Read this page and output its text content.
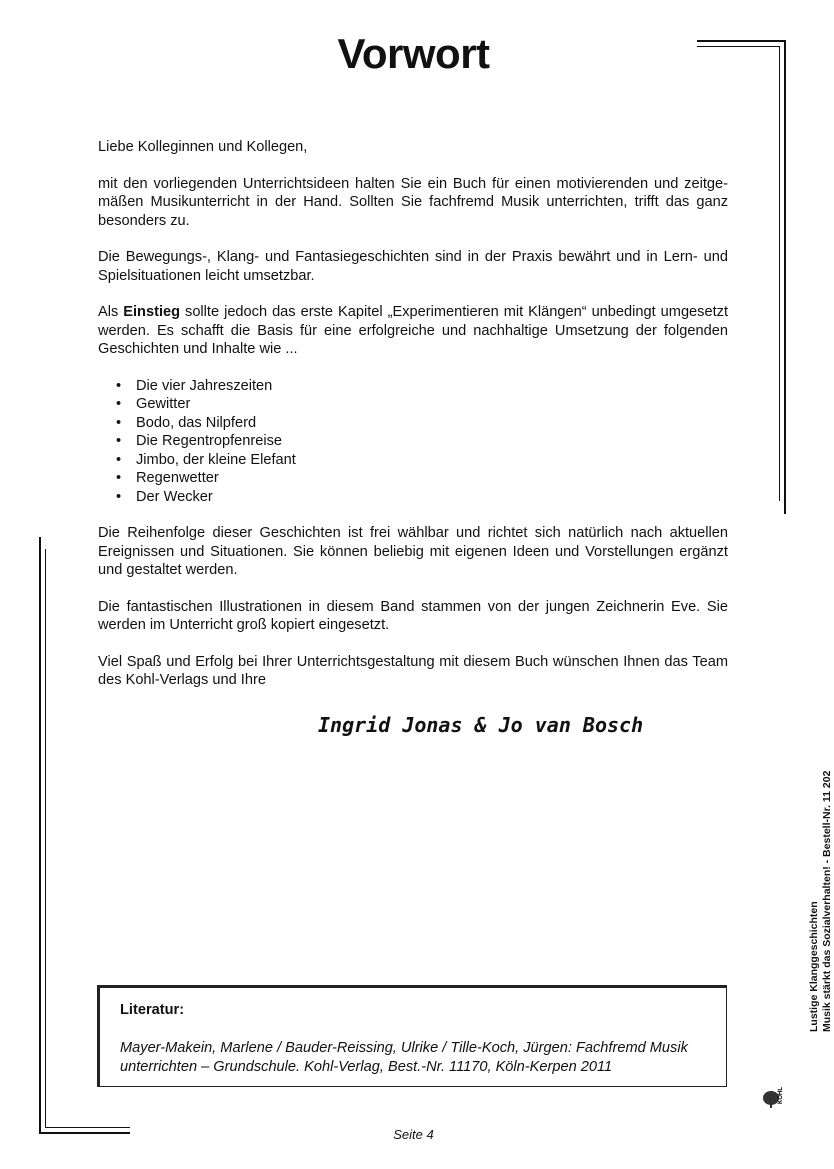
Vorwort

Liebe Kolleginnen und Kollegen,

mit den vorliegenden Unterrichtsideen halten Sie ein Buch für einen motivierenden und zeitgemäßen Musikunterricht in der Hand. Sollten Sie fachfremd Musik unterrichten, trifft das ganz besonders zu.

Die Bewegungs-, Klang- und Fantasiegeschichten sind in der Praxis bewährt und in Lern- und Spielsituationen leicht umsetzbar.

Als Einstieg sollte jedoch das erste Kapitel „Experimentieren mit Klängen“ unbedingt umgesetzt werden. Es schafft die Basis für eine erfolgreiche und nachhaltige Umsetzung der folgenden Geschichten und Inhalte wie ...

• Die vier Jahreszeiten
• Gewitter
• Bodo, das Nilpferd
• Die Regentropfenreise
• Jimbo, der kleine Elefant
• Regenwetter
• Der Wecker

Die Reihenfolge dieser Geschichten ist frei wählbar und richtet sich natürlich nach aktuellen Ereignissen und Situationen. Sie können beliebig mit eigenen Ideen und Vorstellungen ergänzt und gestaltet werden.

Die fantastischen Illustrationen in diesem Band stammen von der jungen Zeichnerin Eve. Sie werden im Unterricht groß kopiert eingesetzt.

Viel Spaß und Erfolg bei Ihrer Unterrichtsgestaltung mit diesem Buch wünschen Ihnen das Team des Kohl-Verlags und Ihre

Ingrid Jonas & Jo van Bosch
Literatur:
Mayer-Makein, Marlene / Bauder-Reissing, Ulrike / Tille-Koch, Jürgen: Fachfremd Musik unterrichten – Grundschule. Kohl-Verlag, Best.-Nr. 11170, Köln-Kerpen 2011
Seite 4
Lustige Klanggeschichten Musik stärkt das Sozialverhalten! - Bestell-Nr. 11 202
KOHL
